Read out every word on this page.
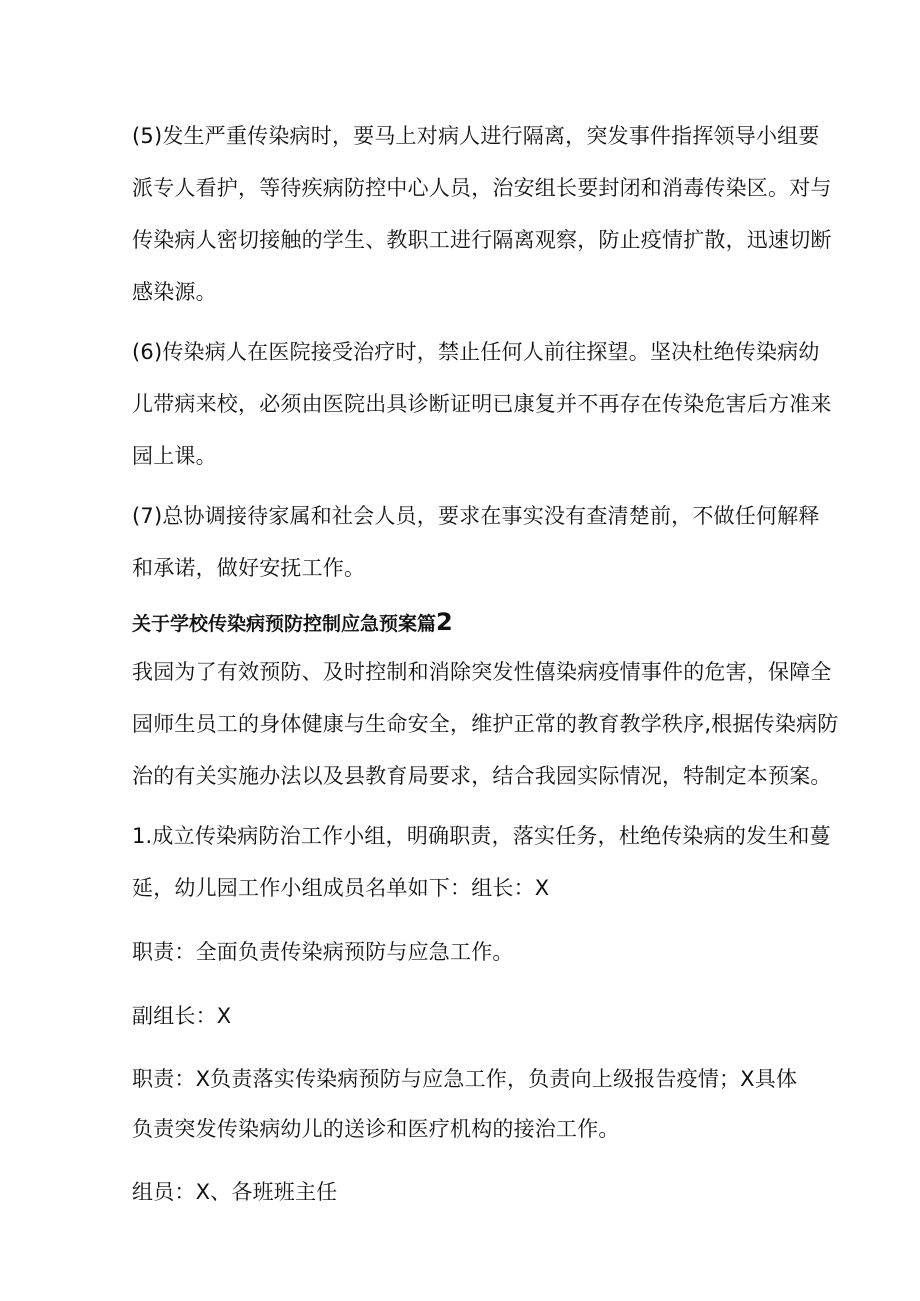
(5)发生严重传染病时，要马上对病人进行隔离，突发事件指挥领导小组要
派专人看护，等待疾病防控中心人员，治安组长要封闭和消毒传染区。对与
传染病人密切接触的学生、教职工进行隔离观察，防止疫情扩散，迅速切断
感染源。

(6)传染病人在医院接受治疗时，禁止任何人前往探望。坚决杜绝传染病幼
儿带病来校，必须由医院出具诊断证明已康复并不再存在传染危害后方准来
园上课。

(7)总协调接待家属和社会人员，要求在事实没有查清楚前，不做任何解释
和承诺，做好安抚工作。

关于学校传染病预防控制应急预案篇2

我园为了有效预防、及时控制和消除突发性僖染病疫情事件的危害，保障全
园师生员工的身体健康与生命安全，维护正常的教育教学秩序,根据传染病防
治的有关实施办法以及县教育局要求，结合我园实际情况，特制定本预案。

1.成立传染病防治工作小组，明确职责，落实任务，杜绝传染病的发生和蔓
延，幼儿园工作小组成员名单如下：组长：X

职责：全面负责传染病预防与应急工作。

副组长：X

职责：X负责落实传染病预防与应急工作，负责向上级报告疫情；X具体
负责突发传染病幼儿的送诊和医疗机构的接治工作。

组员：X、各班班主任
